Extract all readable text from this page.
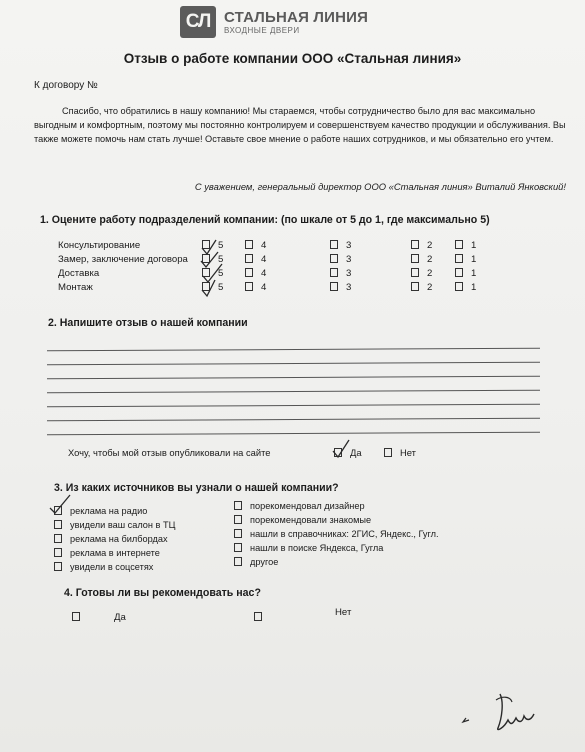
СЛ СТАЛЬНАЯ ЛИНИЯ
ВХОДНЫЕ ДВЕРИ
Отзыв о работе компании ООО «Стальная линия»
К договору №
Спасибо, что обратились в нашу компанию! Мы стараемся, чтобы сотрудничество было для вас максимально выгодным и комфортным, поэтому мы постоянно контролируем и совершенствуем качество продукции и обслуживания. Вы также можете помочь нам стать лучше! Оставьте свое мнение о работе наших сотрудников, и мы обязательно его учтем.
С уважением, генеральный директор ООО «Стальная линия» Виталий Янковский!
1. Оцените работу подразделений компании: (по шкале от 5 до 1, где максимально 5)
Консультирование	5	4	3	2	1
Замер, заключение договора	5	4	3	2	1
Доставка	5	4	3	2	1
Монтаж	5	4	3	2	1
2. Напишите отзыв о нашей компании
Хочу, чтобы мой отзыв опубликовали на сайте	Да	Нет
3. Из каких источников вы узнали о нашей компании?
реклама на радио
увидели ваш салон в ТЦ
реклама на билбордах
реклама в интернете
увидели в соцсетях
порекомендовал дизайнер
порекомендовали знакомые
нашли в справочниках: 2ГИС, Яндекс., Гугл.
нашли в поиске Яндекса, Гугла
другое
4. Готовы ли вы рекомендовать нас?
Да	Нет
